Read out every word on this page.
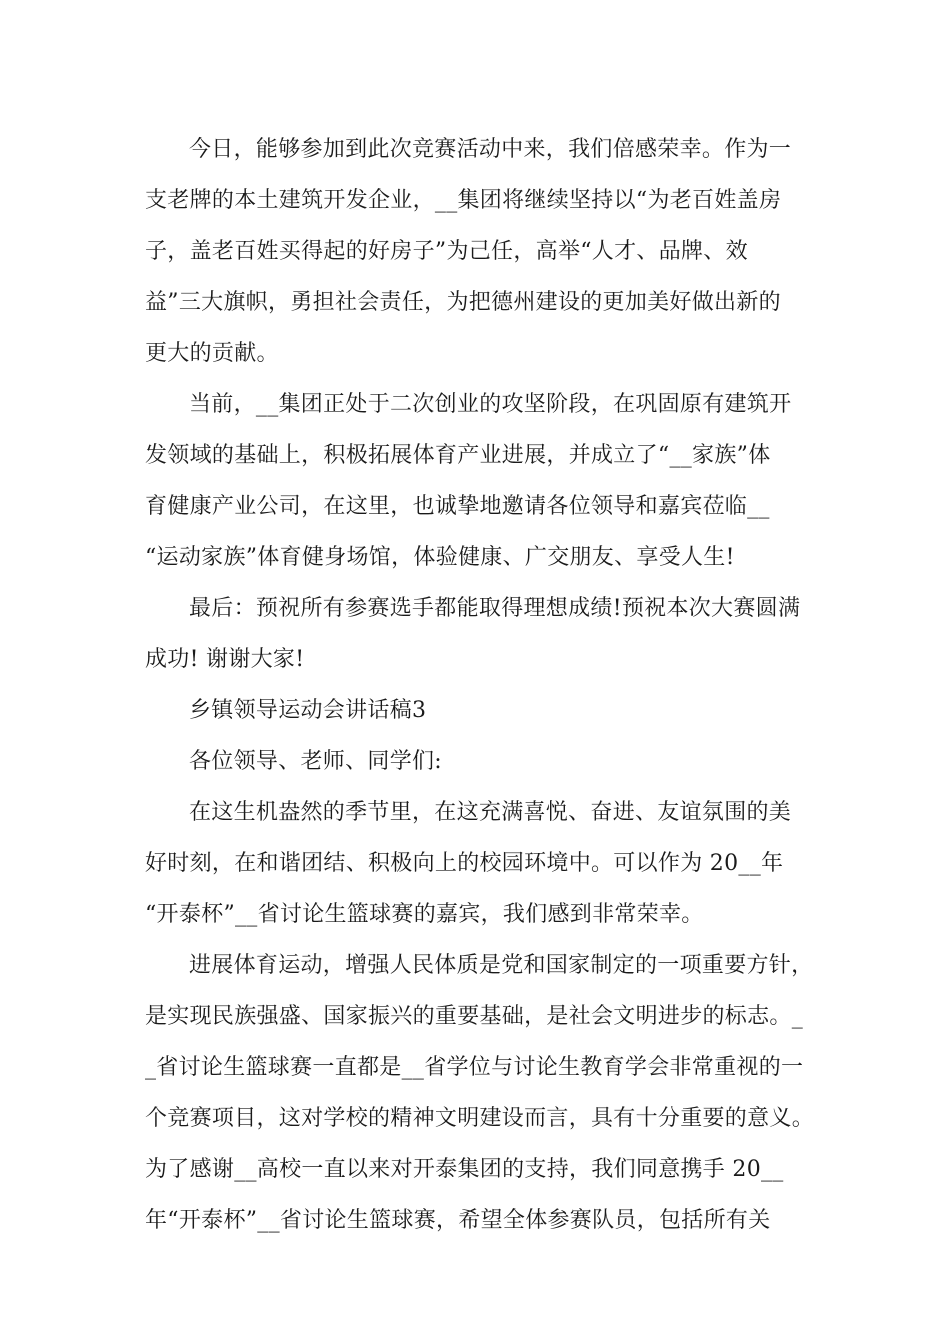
今日，能够参加到此次竞赛活动中来，我们倍感荣幸。作为一
支老牌的本土建筑开发企业，__集团将继续坚持以“为老百姓盖房
子，盖老百姓买得起的好房子”为己任，高举“人才、品牌、效
益”三大旗帜，勇担社会责任，为把德州建设的更加美好做出新的
更大的贡献。
当前，__集团正处于二次创业的攻坚阶段，在巩固原有建筑开
发领域的基础上，积极拓展体育产业进展，并成立了“__家族”体
育健康产业公司，在这里，也诚挚地邀请各位领导和嘉宾莅临__
“运动家族”体育健身场馆，体验健康、广交朋友、享受人生!
最后：预祝所有参赛选手都能取得理想成绩!预祝本次大赛圆满
成功! 谢谢大家!
乡镇领导运动会讲话稿3
各位领导、老师、同学们:
在这生机盎然的季节里，在这充满喜悦、奋进、友谊氛围的美
好时刻，在和谐团结、积极向上的校园环境中。可以作为 20__年
“开泰杯”__省讨论生篮球赛的嘉宾，我们感到非常荣幸。
进展体育运动，增强人民体质是党和国家制定的一项重要方针，
是实现民族强盛、国家振兴的重要基础，是社会文明进步的标志。_
_省讨论生篮球赛一直都是__省学位与讨论生教育学会非常重视的一
个竞赛项目，这对学校的精神文明建设而言，具有十分重要的意义。
为了感谢__高校一直以来对开泰集团的支持，我们同意携手 20__
年“开泰杯”__省讨论生篮球赛，希望全体参赛队员，包括所有关
